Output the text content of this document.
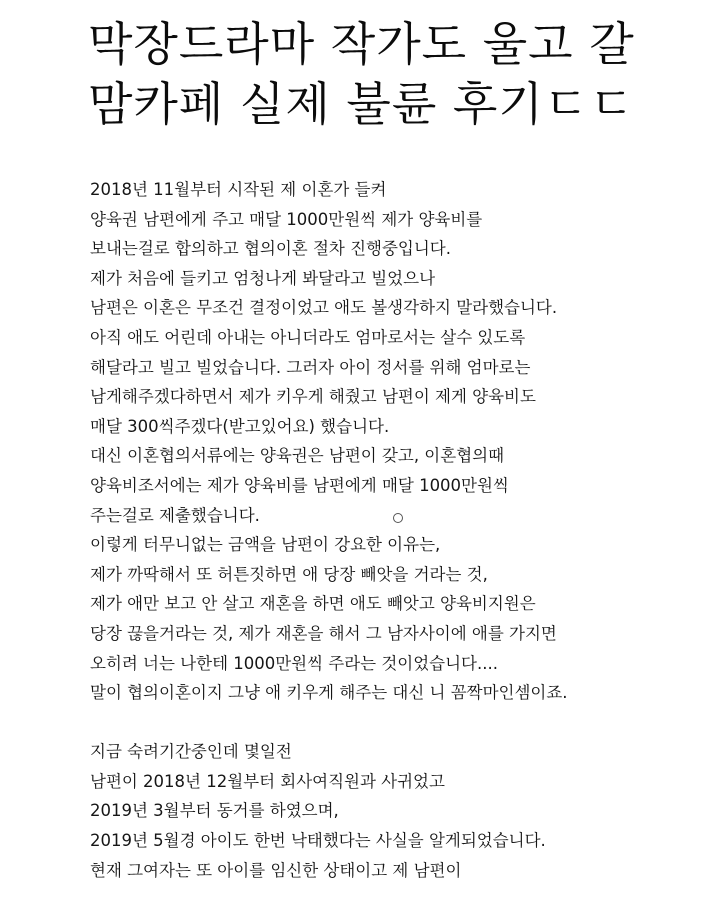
막장드라마 작가도 울고 갈
맘카페 실제 불륜 후기ㄷㄷ
2018년 11월부터 시작된 제 이혼가 들켜
양육권 남편에게 주고 매달 1000만원씩 제가 양육비를
보내는걸로 합의하고 협의이혼 절차 진행중입니다.
제가 처음에 들키고 엄청나게 봐달라고 빌었으나
남편은 이혼은 무조건 결정이었고 애도 볼생각하지 말라했습니다.
아직 애도 어린데 아내는 아니더라도 엄마로서는 살수 있도록
해달라고 빌고 빌었습니다. 그러자 아이 정서를 위해 엄마로는
남게해주겠다하면서 제가 키우게 해줬고 남편이 제게 양육비도
매달 300씩주겠다(받고있어요) 했습니다.
대신 이혼협의서류에는 양육권은 남편이 갖고, 이혼협의때
양육비조서에는 제가 양육비를 남편에게 매달 1000만원씩
주는걸로 제출했습니다.
이렇게 터무니없는 금액을 남편이 강요한 이유는,
제가 까딱해서 또 허튼짓하면 애 당장 빼앗을 거라는 것,
제가 애만 보고 안 살고 재혼을 하면 애도 빼앗고 양육비지원은
당장 끊을거라는 것, 제가 재혼을 해서 그 남자사이에 애를 가지면
오히려 너는 나한테 1000만원씩 주라는 것이었습니다....
말이 협의이혼이지 그냥 애 키우게 해주는 대신 니 꼼짝마인셈이죠.
지금 숙려기간중인데 몇일전
남편이 2018년 12월부터 회사여직원과 사귀었고
2019년 3월부터 동거를 하였으며,
2019년 5월경 아이도 한번 낙태했다는 사실을 알게되었습니다.
현재 그여자는 또 아이를 임신한 상태이고 제 남편이
